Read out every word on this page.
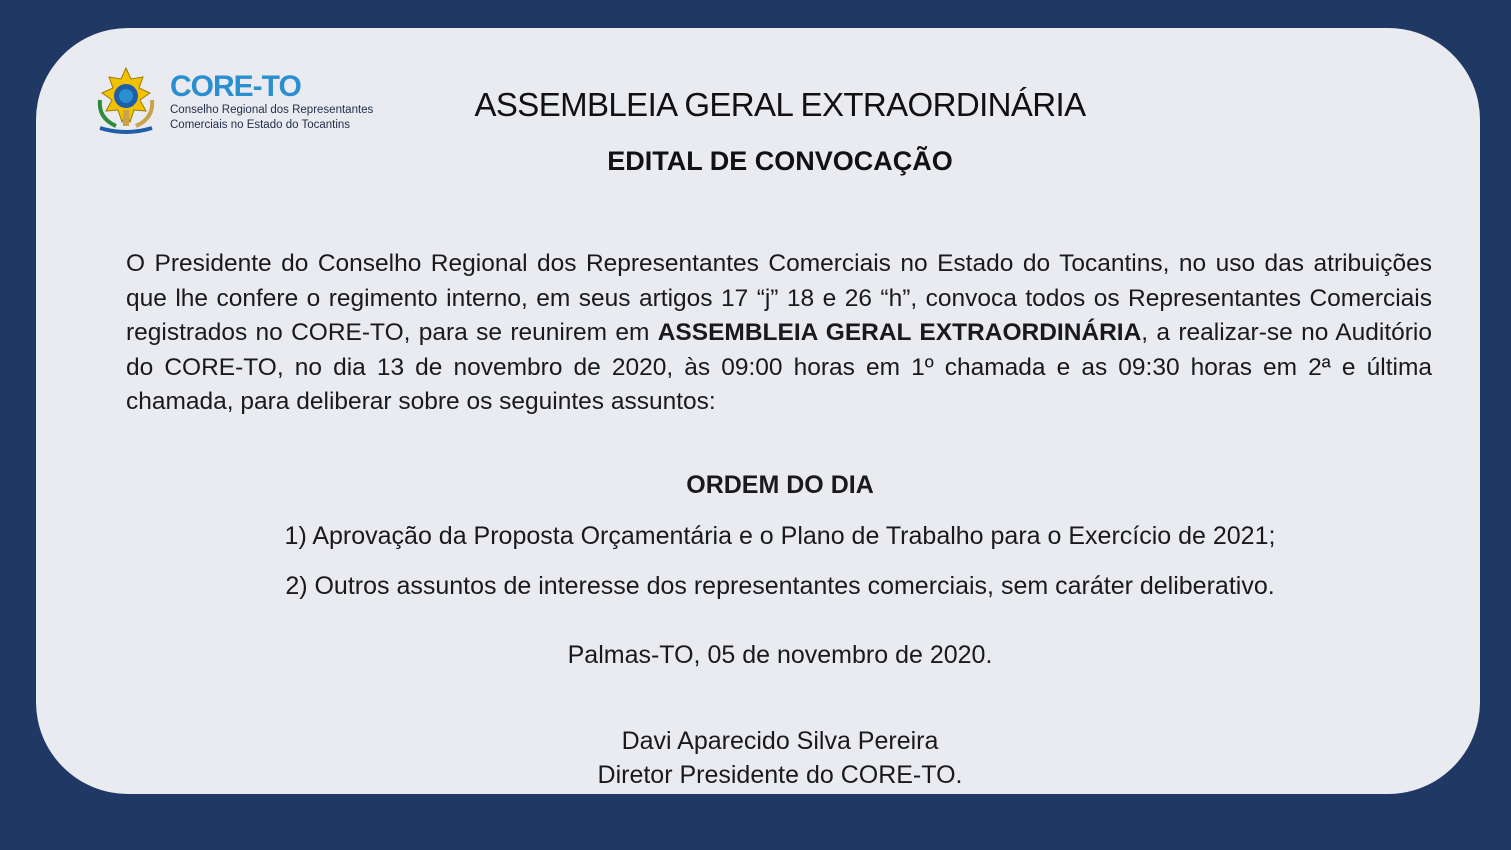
CORE-TO
Conselho Regional dos Representantes
Comerciais no Estado do Tocantins
ASSEMBLEIA GERAL EXTRAORDINÁRIA
EDITAL DE CONVOCAÇÃO

O Presidente do Conselho Regional dos Representantes Comerciais no Estado do Tocantins, no uso das atribuições que lhe confere o regimento interno, em seus artigos 17 “j” 18 e 26 “h”, convoca todos os Representantes Comerciais registrados no CORE-TO, para se reunirem em ASSEMBLEIA GERAL EXTRAORDINÁRIA, a realizar-se no Auditório do CORE-TO, no dia 13 de novembro de 2020, às 09:00 horas em 1º chamada e as 09:30 horas em 2ª e última chamada, para deliberar sobre os seguintes assuntos:

ORDEM DO DIA
1) Aprovação da Proposta Orçamentária e o Plano de Trabalho para o Exercício de 2021;
2) Outros assuntos de interesse dos representantes comerciais, sem caráter deliberativo.
Palmas-TO, 05 de novembro de 2020.
Davi Aparecido Silva Pereira
Diretor Presidente do CORE-TO.
